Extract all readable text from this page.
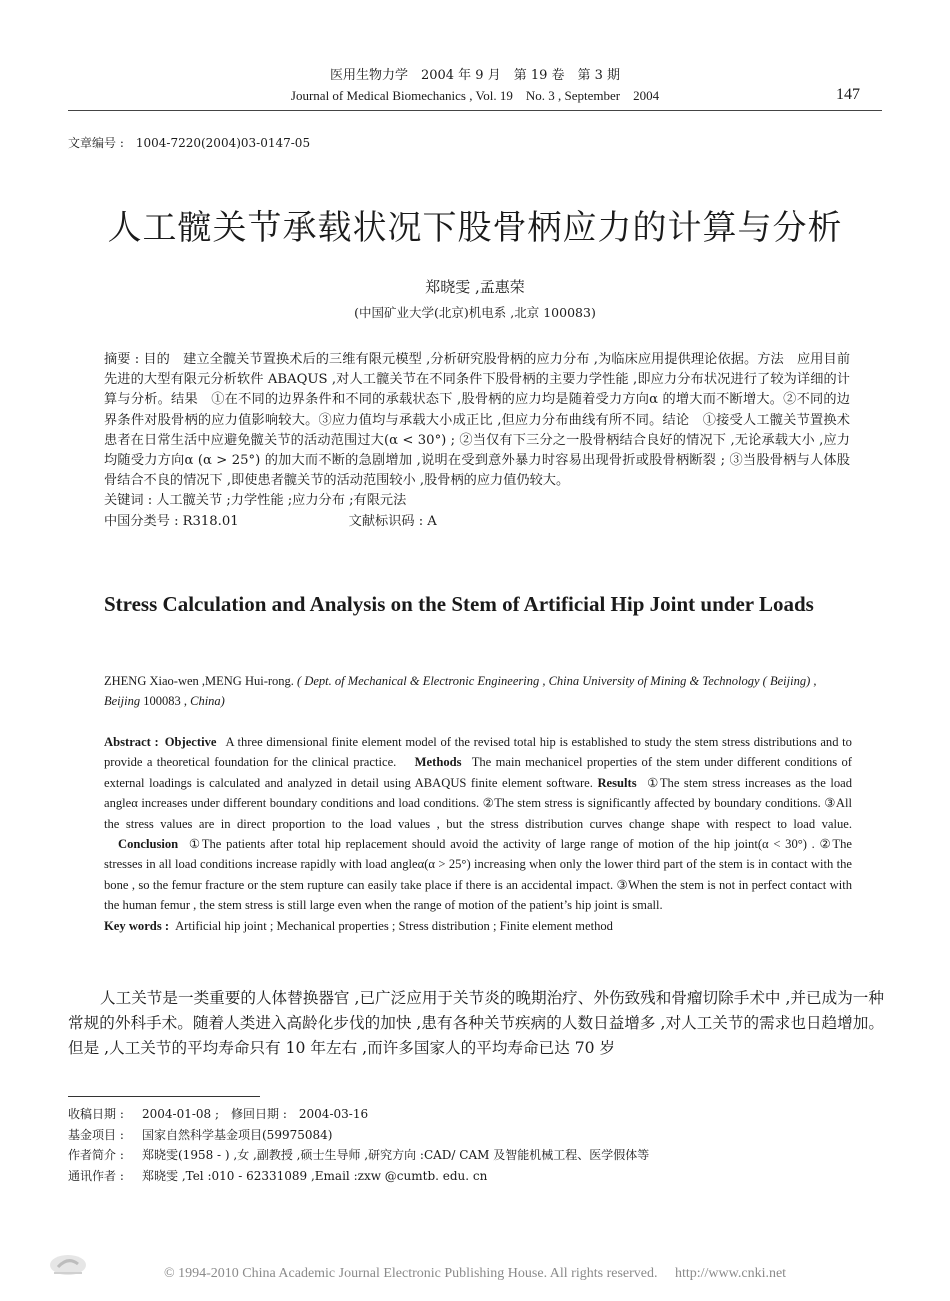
医用生物力学　2004 年 9 月　第 19 卷　第 3 期
Journal of Medical Biomechanics , Vol. 19　No. 3 , September　2004	147
文章编号 :　1004-7220(2004)03-0147-05
人工髋关节承载状况下股骨柄应力的计算与分析
郑晓雯 ,孟惠荣
(中国矿业大学(北京)机电系 ,北京 100083)

摘要 : 目的　建立全髋关节置换术后的三维有限元模型 ,分析研究股骨柄的应力分布 ,为临床应用提供理论依据。方法　应用目前先进的大型有限元分析软件 ABAQUS ,对人工髋关节在不同条件下股骨柄的主要力学性能 ,即应力分布状况进行了较为详细的计算与分析。结果　①在不同的边界条件和不同的承载状态下 ,股骨柄的应力均是随着受力方向α 的增大而不断增大。②不同的边界条件对股骨柄的应力值影响较大。③应力值均与承载大小成正比 ,但应力分布曲线有所不同。结论　①接受人工髋关节置换术患者在日常生活中应避免髋关节的活动范围过大(α < 30°) ; ②当仅有下三分之一股骨柄结合良好的情况下 ,无论承载大小 ,应力均随受力方向α (α > 25°) 的加大而不断的急剧增加 ,说明在受到意外暴力时容易出现骨折或股骨柄断裂 ; ③当股骨柄与人体股骨结合不良的情况下 ,即使患者髋关节的活动范围较小 ,股骨柄的应力值仍较大。

关键词 : 人工髋关节 ;力学性能 ;应力分布 ;有限元法

中国分类号 : R318.01	文献标识码 : A

Stress Calculation and Analysis on the Stem of Artificial Hip Joint under Loads
ZHENG Xiao-wen ,MENG Hui-rong. ( Dept. of Mechanical & Electronic Engineering , China University of Mining & Technology ( Beijing) , Beijing 100083 , China)

Abstract : Objective A three dimensional finite element model of the revised total hip is established to study the stem stress distributions and to provide a theoretical foundation for the clinical practice. Methods The main mechanicel properties of the stem under different conditions of external loadings is calculated and analyzed in detail using ABAQUS finite element software. Results ①The stem stress increases as the load angleα increases under different boundary conditions and load conditions. ②The stem stress is significantly affected by boundary conditions. ③All the stress values are in direct proportion to the load values , but the stress distribution curves change shape with respect to load value. Conclusion ①The patients after total hip replacement should avoid the activity of large range of motion of the hip joint(α < 30°) . ②The stresses in all load conditions increase rapidly with load angleα(α > 25°) increasing when only the lower third part of the stem is in contact with the bone , so the femur fracture or the stem rupture can easily take place if there is an accidental impact. ③When the stem is not in perfect contact with the human femur , the stem stress is still large even when the range of motion of the patient’s hip joint is small.

Key words : Artificial hip joint ; Mechanical properties ; Stress distribution ; Finite element method

人工关节是一类重要的人体替换器官 ,已广泛应用于关节炎的晚期治疗、外伤致残和骨瘤切除手术中 ,并已成为一种常规的外科手术。随着人类进入高龄化步伐的加快 ,患有各种关节疾病的人数日益增多 ,对人工关节的需求也日趋增加。但是 ,人工关节的平均寿命只有 10 年左右 ,而许多国家人的平均寿命已达 70 岁

收稿日期 : 2004-01-08 ;　修回日期 :　2004-03-16
基金项目 : 国家自然科学基金项目(59975084)
作者简介 : 郑晓雯(1958 - ) ,女 ,副教授 ,硕士生导师 ,研究方向 :CAD/ CAM 及智能机械工程、医学假体等
通讯作者 : 郑晓雯 ,Tel :010 - 62331089 ,Email :zxw @cumtb. edu. cn
© 1994-2010 China Academic Journal Electronic Publishing House. All rights reserved.　 http://www.cnki.net
